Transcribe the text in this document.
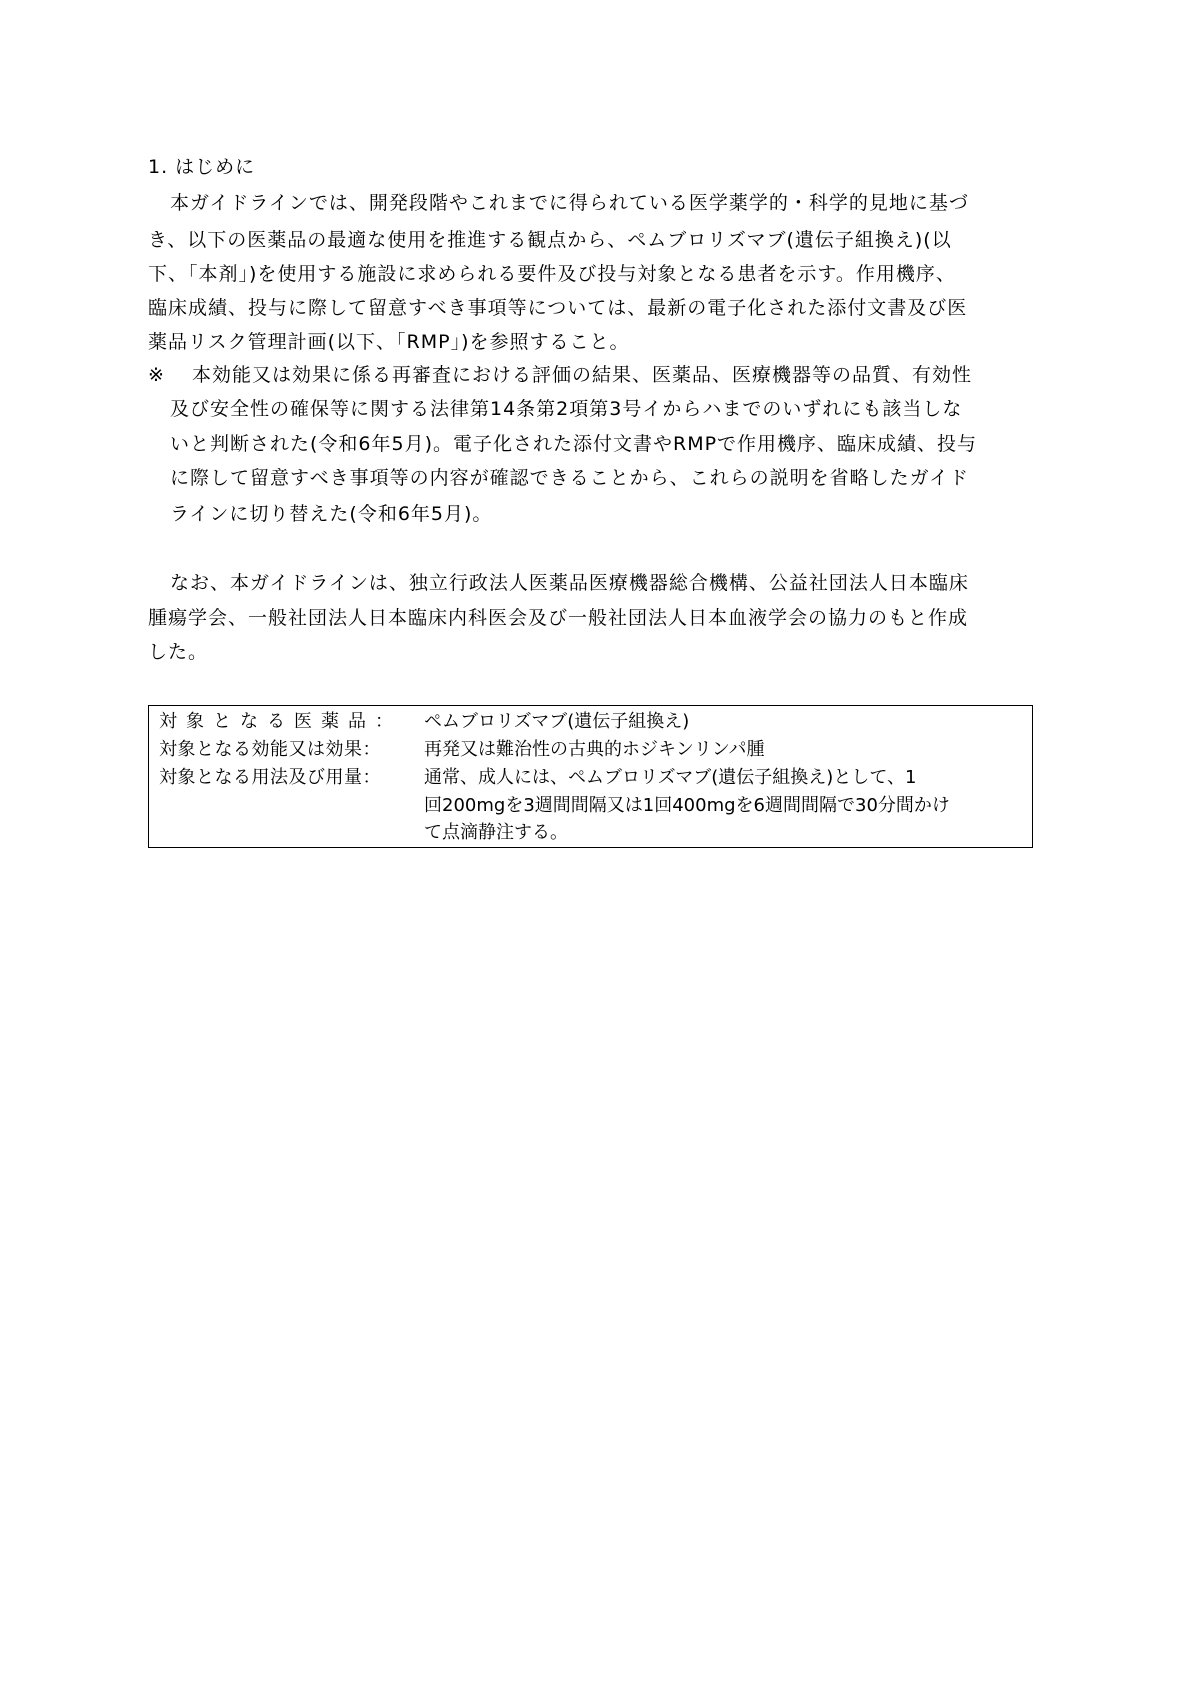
1. はじめに
本ガイドラインでは、開発段階やこれまでに得られている医学薬学的・科学的見地に基づ
き、以下の医薬品の最適な使用を推進する観点から、ペムブロリズマブ(遺伝子組換え)(以
下、「本剤」)を使用する施設に求められる要件及び投与対象となる患者を示す。作用機序、
臨床成績、投与に際して留意すべき事項等については、最新の電子化された添付文書及び医
薬品リスク管理計画(以下、「RMP」)を参照すること。
※	本効能又は効果に係る再審査における評価の結果、医薬品、医療機器等の品質、有効性
及び安全性の確保等に関する法律第14条第2項第3号イからハまでのいずれにも該当しな
いと判断された(令和6年5月)。電子化された添付文書やRMPで作用機序、臨床成績、投与
に際して留意すべき事項等の内容が確認できることから、これらの説明を省略したガイド
ラインに切り替えた(令和6年5月)。
なお、本ガイドラインは、独立行政法人医薬品医療機器総合機構、公益社団法人日本臨床
腫瘍学会、一般社団法人日本臨床内科医会及び一般社団法人日本血液学会の協力のもと作成
した。
対象となる医薬品：	ペムブロリズマブ(遺伝子組換え)
対象となる効能又は効果：	再発又は難治性の古典的ホジキンリンパ腫
対象となる用法及び用量：	通常、成人には、ペムブロリズマブ(遺伝子組換え)として、1
回200mgを3週間間隔又は1回400mgを6週間間隔で30分間かけ
て点滴静注する。
